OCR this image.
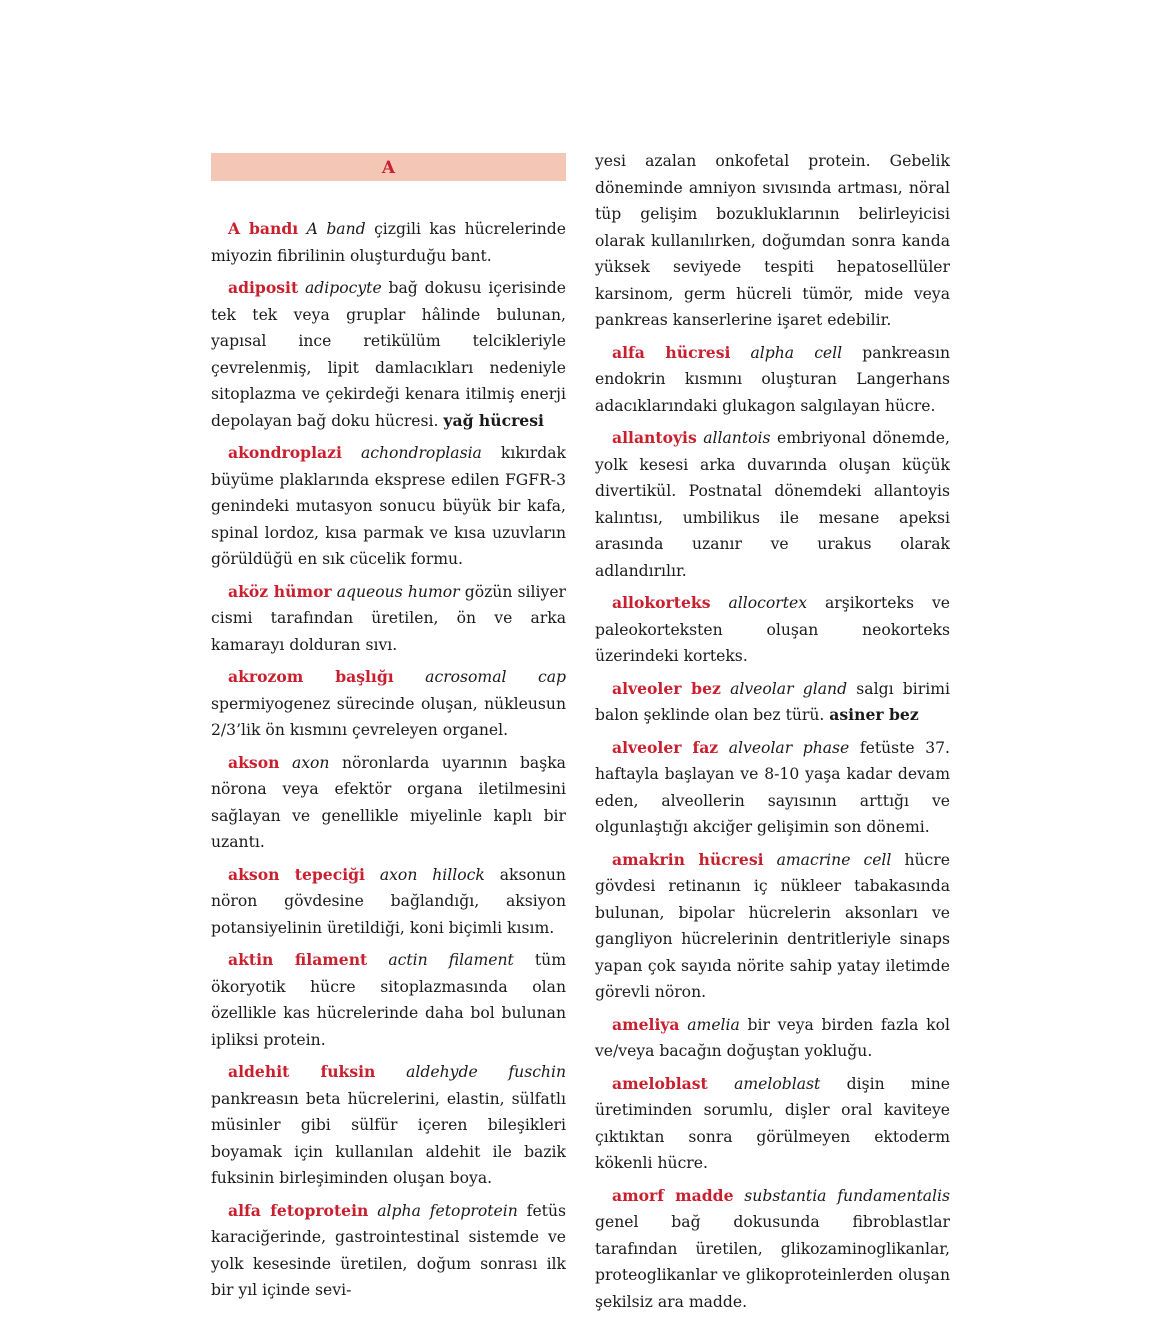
A

A bandı A band çizgili kas hücrelerinde miyozin fibrilinin oluşturduğu bant.

adiposit adipocyte bağ dokusu içerisinde tek tek veya gruplar hâlinde bulunan, yapısal ince retikülüm telcikleriyle çevrelenmiş, lipit damlacıkları nedeniyle sitoplazma ve çekirdeği kenara itilmiş enerji depolayan bağ doku hücresi. yağ hücresi

akondroplazi achondroplasia kıkırdak büyüme plaklarında eksprese edilen FGFR-3 genindeki mutasyon sonucu büyük bir kafa, spinal lordoz, kısa parmak ve kısa uzuvların görüldüğü en sık cücelik formu.

aköz hümor aqueous humor gözün siliyer cismi tarafından üretilen, ön ve arka kamarayı dolduran sıvı.

akrozom başlığı acrosomal cap spermiyogenez sürecinde oluşan, nükleusun 2/3’lik ön kısmını çevreleyen organel.

akson axon nöronlarda uyarının başka nörona veya efektör organa iletilmesini sağlayan ve genellikle miyelinle kaplı bir uzantı.

akson tepeciği axon hillock aksonun nöron gövdesine bağlandığı, aksiyon potansiyelinin üretildiği, koni biçimli kısım.

aktin filament actin filament tüm ökoryotik hücre sitoplazmasında olan özellikle kas hücrelerinde daha bol bulunan ipliksi protein.

aldehit fuksin aldehyde fuschin pankreasın beta hücrelerini, elastin, sülfatlı müsinler gibi sülfür içeren bileşikleri boyamak için kullanılan aldehit ile bazik fuksinin birleşiminden oluşan boya.

alfa fetoprotein alpha fetoprotein fetüs karaciğerinde, gastrointestinal sistemde ve yolk kesesinde üretilen, doğum sonrası ilk bir yıl içinde sevi-

yesi azalan onkofetal protein. Gebelik döneminde amniyon sıvısında artması, nöral tüp gelişim bozukluklarının belirleyicisi olarak kullanılırken, doğumdan sonra kanda yüksek seviyede tespiti hepatosellüler karsinom, germ hücreli tümör, mide veya pankreas kanserlerine işaret edebilir.

alfa hücresi alpha cell pankreasın endokrin kısmını oluşturan Langerhans adacıklarındaki glukagon salgılayan hücre.

allantoyis allantois embriyonal dönemde, yolk kesesi arka duvarında oluşan küçük divertikül. Postnatal dönemdeki allantoyis kalıntısı, umbilikus ile mesane apeksi arasında uzanır ve urakus olarak adlandırılır.

allokorteks allocortex arşikorteks ve paleokorteksten oluşan neokorteks üzerindeki korteks.

alveoler bez alveolar gland salgı birimi balon şeklinde olan bez türü. asiner bez

alveoler faz alveolar phase fetüste 37. haftayla başlayan ve 8-10 yaşa kadar devam eden, alveollerin sayısının arttığı ve olgunlaştığı akciğer gelişimin son dönemi.

amakrin hücresi amacrine cell hücre gövdesi retinanın iç nükleer tabakasında bulunan, bipolar hücrelerin aksonları ve gangliyon hücrelerinin dentritleriyle sinaps yapan çok sayıda nörite sahip yatay iletimde görevli nöron.

ameliya amelia bir veya birden fazla kol ve/veya bacağın doğuştan yokluğu.

ameloblast ameloblast dişin mine üretiminden sorumlu, dişler oral kaviteye çıktıktan sonra görülmeyen ektoderm kökenli hücre.

amorf madde substantia fundamentalis genel bağ dokusunda fibroblastlar tarafından üretilen, glikozaminoglikanlar, proteoglikanlar ve glikoproteinlerden oluşan şekilsiz ara madde.
